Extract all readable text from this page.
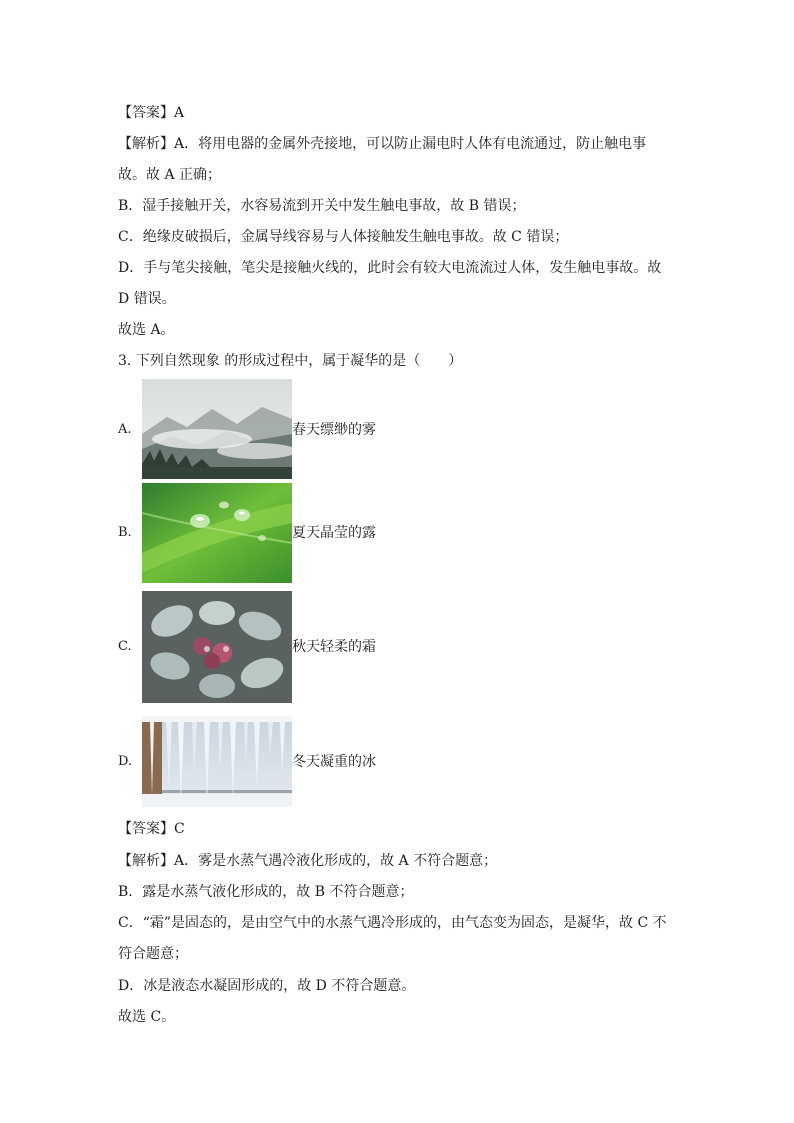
【答案】A
【解析】A．将用电器的金属外壳接地，可以防止漏电时人体有电流通过，防止触电事
故。故 A 正确；
B．湿手接触开关，水容易流到开关中发生触电事故，故 B 错误；
C．绝缘皮破损后，金属导线容易与人体接触发生触电事故。故 C 错误；
D．手与笔尖接触，笔尖是接触火线的，此时会有较大电流流过人体，发生触电事故。故
D 错误。
故选 A。
3. 下列自然现象 的形成过程中，属于凝华的是（　　）
A.	春天缥缈的雾
B.	夏天晶莹的露
C.	秋天轻柔的霜
D.	冬天凝重的冰
【答案】C
【解析】A．雾是水蒸气遇冷液化形成的，故 A 不符合题意；
B．露是水蒸气液化形成的，故 B 不符合题意；
C．“霜”是固态的，是由空气中的水蒸气遇冷形成的，由气态变为固态，是凝华，故 C 不
符合题意；
D．冰是液态水凝固形成的，故 D 不符合题意。
故选 C。
